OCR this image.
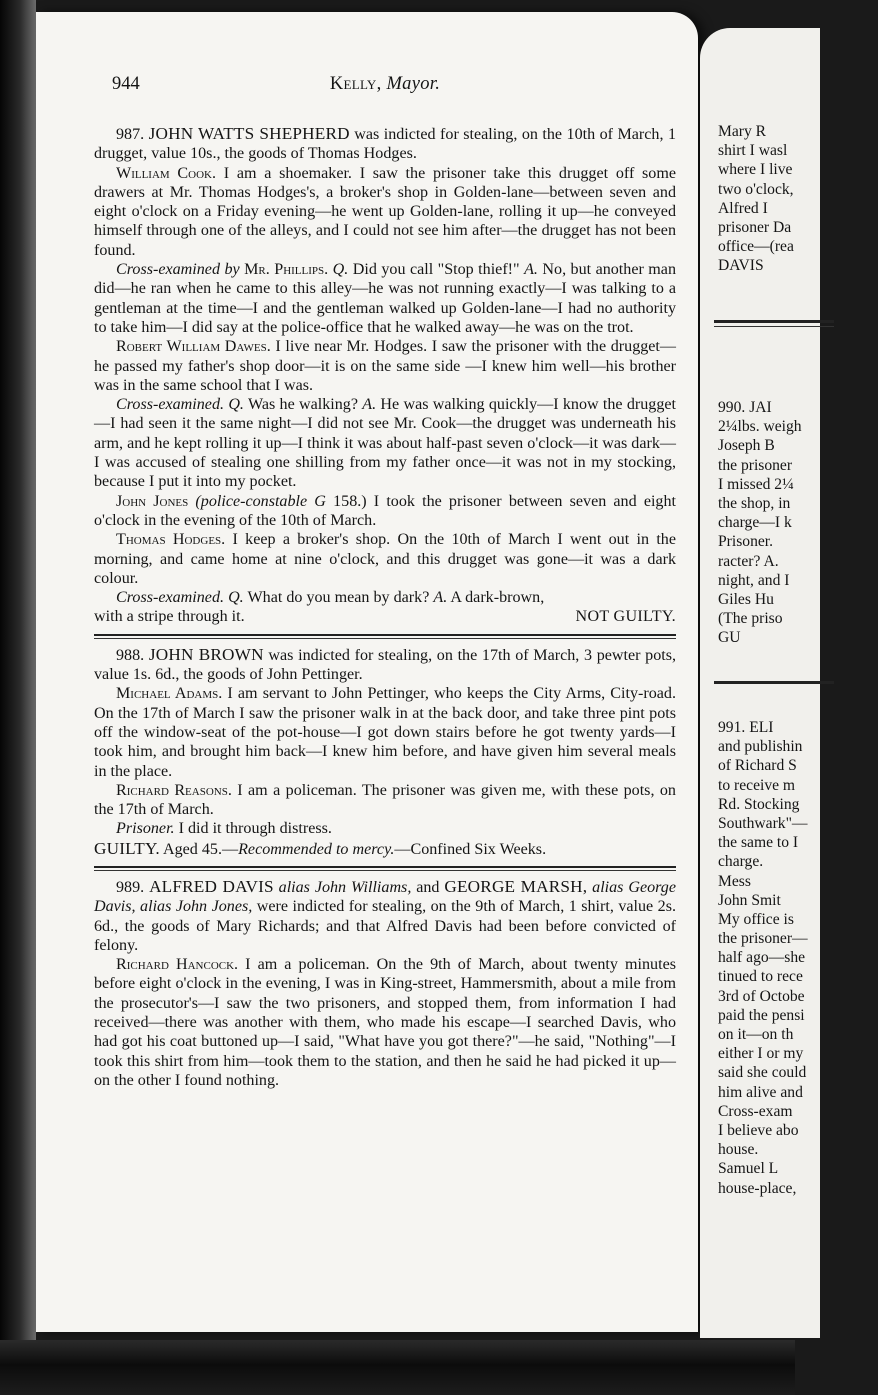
944	Kelly, Mayor.

987. JOHN WATTS SHEPHERD was indicted for stealing, on the 10th of March, 1 drugget, value 10s., the goods of Thomas Hodges.

William Cook. I am a shoemaker. I saw the prisoner take this drugget off some drawers at Mr. Thomas Hodges's, a broker's shop in Golden-lane—between seven and eight o'clock on a Friday evening—he went up Golden-lane, rolling it up—he conveyed himself through one of the alleys, and I could not see him after—the drugget has not been found.

Cross-examined by Mr. Phillips. Q. Did you call "Stop thief!" A. No, but another man did—he ran when he came to this alley—he was not running exactly—I was talking to a gentleman at the time—I and the gentleman walked up Golden-lane—I had no authority to take him—I did say at the police-office that he walked away—he was on the trot.

Robert William Dawes. I live near Mr. Hodges. I saw the prisoner with the drugget—he passed my father's shop door—it is on the same side —I knew him well—his brother was in the same school that I was.

Cross-examined. Q. Was he walking? A. He was walking quickly—I know the drugget—I had seen it the same night—I did not see Mr. Cook—the drugget was underneath his arm, and he kept rolling it up—I think it was about half-past seven o'clock—it was dark—I was accused of stealing one shilling from my father once—it was not in my stocking, because I put it into my pocket.

John Jones (police-constable G 158.) I took the prisoner between seven and eight o'clock in the evening of the 10th of March.

Thomas Hodges. I keep a broker's shop. On the 10th of March I went out in the morning, and came home at nine o'clock, and this drugget was gone—it was a dark colour.

Cross-examined. Q. What do you mean by dark? A. A dark-brown,

with a stripe through it.	NOT GUILTY.

988. JOHN BROWN was indicted for stealing, on the 17th of March, 3 pewter pots, value 1s. 6d., the goods of John Pettinger.

Michael Adams. I am servant to John Pettinger, who keeps the City Arms, City-road. On the 17th of March I saw the prisoner walk in at the back door, and take three pint pots off the window-seat of the pot-house—I got down stairs before he got twenty yards—I took him, and brought him back—I knew him before, and have given him several meals in the place.

Richard Reasons. I am a policeman. The prisoner was given me, with these pots, on the 17th of March.

Prisoner. I did it through distress.

GUILTY. Aged 45.—Recommended to mercy.—Confined Six Weeks.

989. ALFRED DAVIS alias John Williams, and GEORGE MARSH, alias George Davis, alias John Jones, were indicted for stealing, on the 9th of March, 1 shirt, value 2s. 6d., the goods of Mary Richards; and that Alfred Davis had been before convicted of felony.

Richard Hancock. I am a policeman. On the 9th of March, about twenty minutes before eight o'clock in the evening, I was in King-street, Hammersmith, about a mile from the prosecutor's—I saw the two prisoners, and stopped them, from information I had received—there was another with them, who made his escape—I searched Davis, who had got his coat buttoned up—I said, "What have you got there?"—he said, "Nothing"—I took this shirt from him—took them to the station, and then he said he had picked it up—on the other I found nothing.

Mary R
shirt I wasl
where I live
two o'clock,
Alfred I
prisoner Da
office—(rea
DAVIS
990. JAI
2¼lbs. weigh
Joseph B
the prisoner
I missed 2¼
the shop, in
charge—I k
Prisoner.
racter? A.
night, and I
Giles Hu
(The priso
GU
991. ELI
and publishin
of Richard S
to receive m
Rd. Stocking
Southwark"—
the same to I
charge.
Mess
John Smit
My office is
the prisoner—
half ago—she
tinued to rece
3rd of Octobe
paid the pensi
on it—on th
either I or my
said she could
him alive and
Cross-exam
I believe abo
house.
Samuel L
house-place,
